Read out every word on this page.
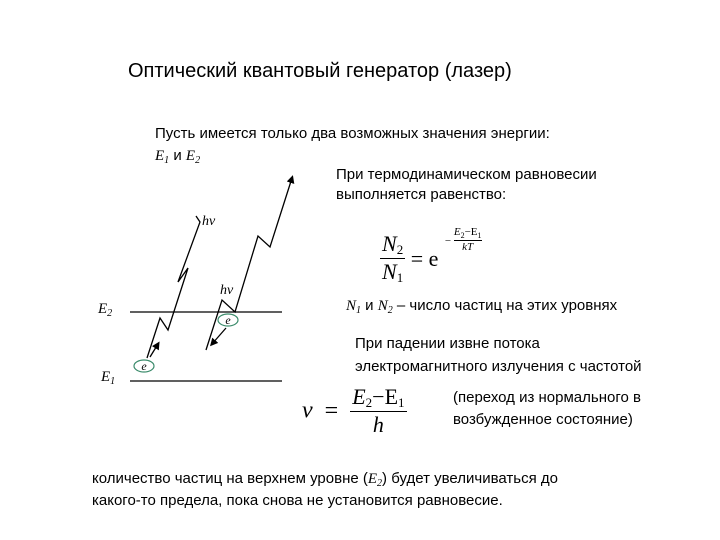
Оптический квантовый генератор (лазер)
Пусть имеется только два возможных значения энергии:
$E_1$ и $E_2$
При термодинамическом равновесии
выполняется равенство:
$\frac{N_2}{N_1} = e - \frac{E_2-E_1}{kT}$
$N_1$ и $N_2$ – число частиц на этих уровнях
При падении извне потока
электромагнитного излучения с частотой
$\nu = \frac{E_2-E_1}{h}$	(переход из нормального в
возбужденное состояние)
количество частиц на верхнем уровне $(E_2)$ будет увеличиваться до
какого-то предела, пока снова не установится равновесие.
e
e
$E_2$
$E_1$
hν
hν
